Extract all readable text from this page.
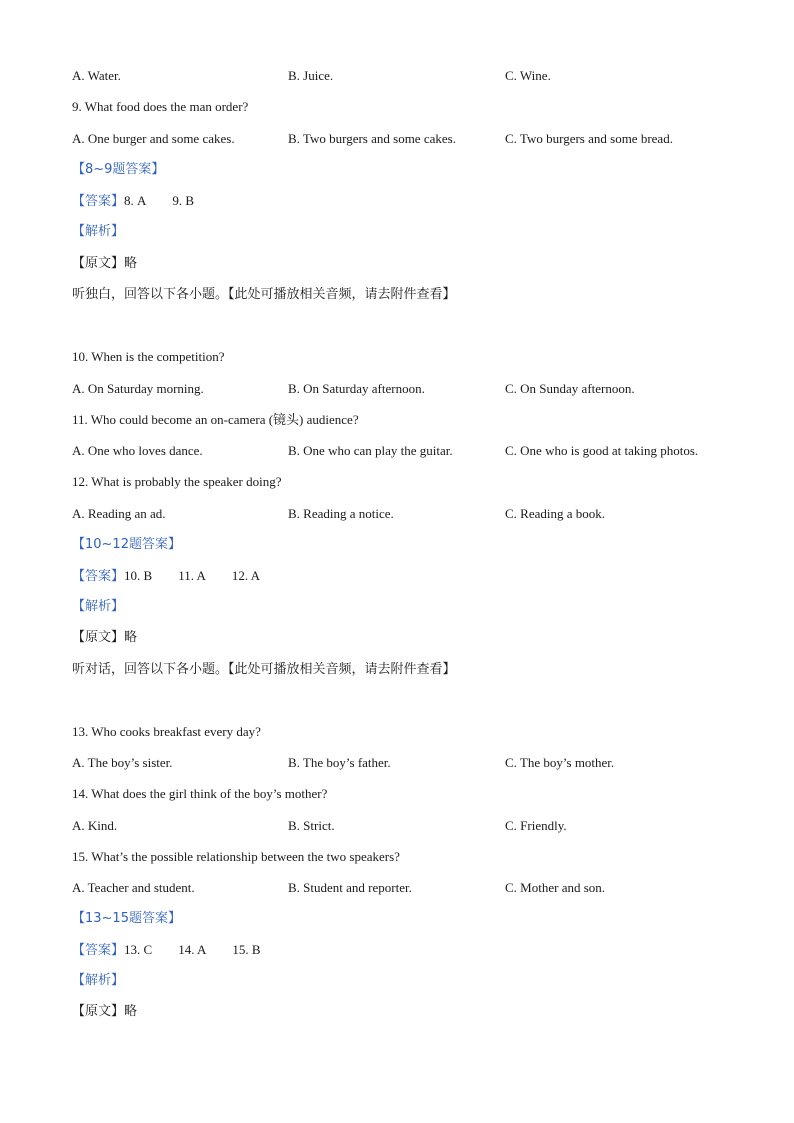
A. Water.	B. Juice.	C. Wine.
9. What food does the man order?
A. One burger and some cakes.	B. Two burgers and some cakes.	C. Two burgers and some bread.
【8~9题答案】
【答案】8. A 9. B
【解析】
【原文】略
听独白，回答以下各小题。【此处可播放相关音频，请去附件查看】
10. When is the competition?
A. On Saturday morning.	B. On Saturday afternoon.	C. On Sunday afternoon.
11. Who could become an on-camera (镜头) audience?
A. One who loves dance.	B. One who can play the guitar.	C. One who is good at taking photos.
12. What is probably the speaker doing?
A. Reading an ad.	B. Reading a notice.	C. Reading a book.
【10~12题答案】
【答案】10. B 11. A 12. A
【解析】
【原文】略
听对话，回答以下各小题。【此处可播放相关音频，请去附件查看】
13. Who cooks breakfast every day?
A. The boy’s sister.	B. The boy’s father.	C. The boy’s mother.
14. What does the girl think of the boy’s mother?
A. Kind.	B. Strict.	C. Friendly.
15. What’s the possible relationship between the two speakers?
A. Teacher and student.	B. Student and reporter.	C. Mother and son.
【13~15题答案】
【答案】13. C 14. A 15. B
【解析】
【原文】略
